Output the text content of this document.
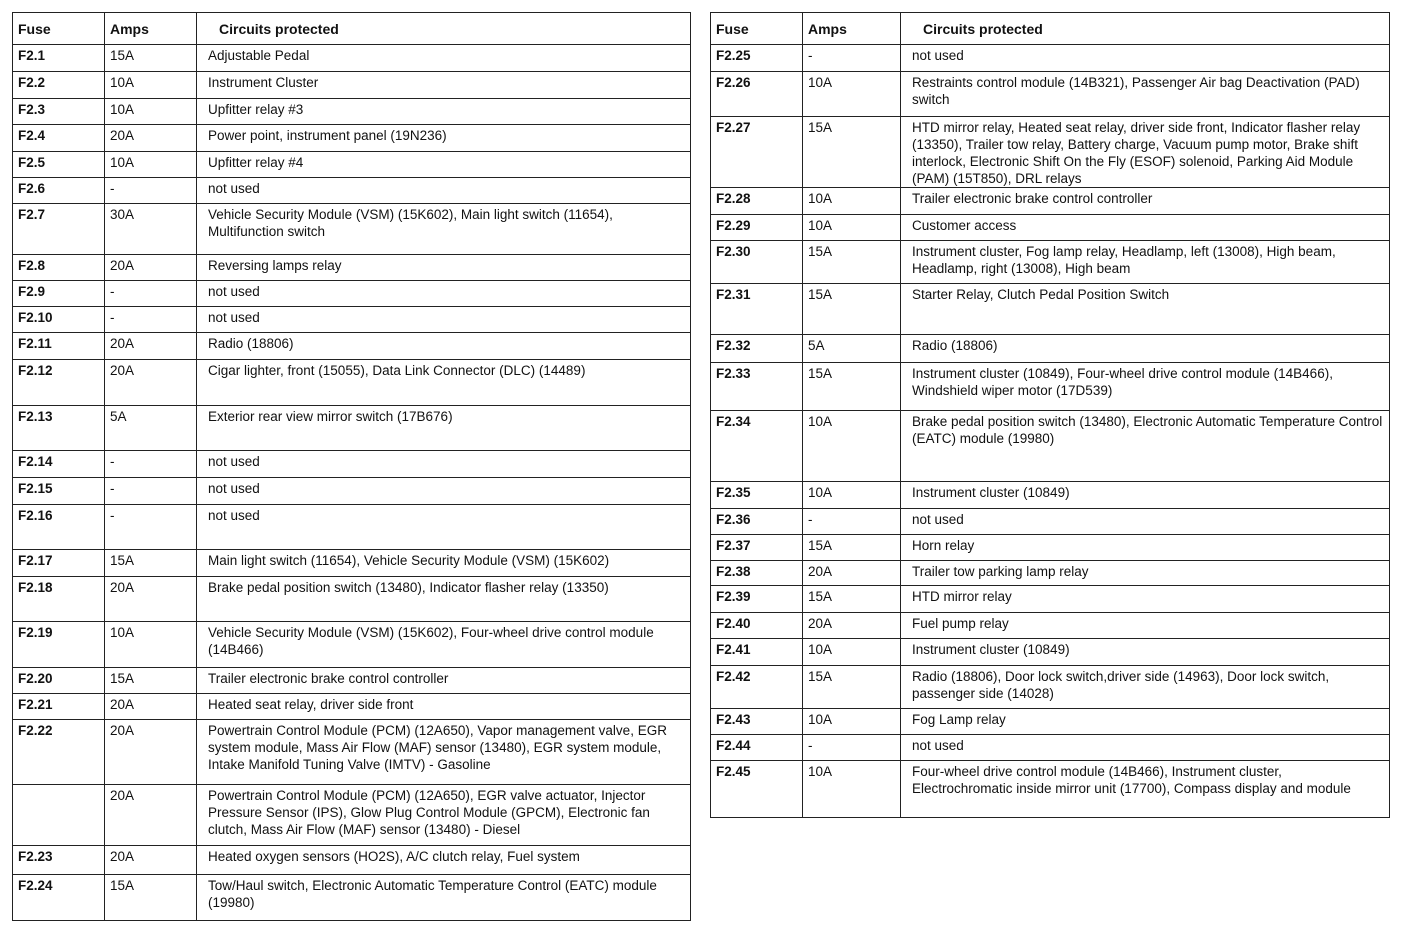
Fuse	Amps	Circuits protected
F2.1	15A	Adjustable Pedal
F2.2	10A	Instrument Cluster
F2.3	10A	Upfitter relay #3
F2.4	20A	Power point, instrument panel (19N236)
F2.5	10A	Upfitter relay #4
F2.6	-	not used
F2.7	30A	Vehicle Security Module (VSM) (15K602), Main light switch (11654), Multifunction switch
F2.8	20A	Reversing lamps relay
F2.9	-	not used
F2.10	-	not used
F2.11	20A	Radio (18806)
F2.12	20A	Cigar lighter, front (15055), Data Link Connector (DLC) (14489)
F2.13	5A	Exterior rear view mirror switch (17B676)
F2.14	-	not used
F2.15	-	not used
F2.16	-	not used
F2.17	15A	Main light switch (11654), Vehicle Security Module (VSM) (15K602)
F2.18	20A	Brake pedal position switch (13480), Indicator flasher relay (13350)
F2.19	10A	Vehicle Security Module (VSM) (15K602), Four-wheel drive control module (14B466)
F2.20	15A	Trailer electronic brake control controller
F2.21	20A	Heated seat relay, driver side front
F2.22	20A	Powertrain Control Module (PCM) (12A650), Vapor management valve, EGR system module, Mass Air Flow (MAF) sensor (13480), EGR system module, Intake Manifold Tuning Valve (IMTV) - Gasoline
	20A	Powertrain Control Module (PCM) (12A650), EGR valve actuator, Injector Pressure Sensor (IPS), Glow Plug Control Module (GPCM), Electronic fan clutch, Mass Air Flow (MAF) sensor (13480) - Diesel
F2.23	20A	Heated oxygen sensors (HO2S), A/C clutch relay, Fuel system
F2.24	15A	Tow/Haul switch, Electronic Automatic Temperature Control (EATC) module (19980)
Fuse	Amps	Circuits protected
F2.25	-	not used
F2.26	10A	Restraints control module (14B321), Passenger Air bag Deactivation (PAD) switch
F2.27	15A	HTD mirror relay, Heated seat relay, driver side front, Indicator flasher relay (13350), Trailer tow relay, Battery charge, Vacuum pump motor, Brake shift interlock, Electronic Shift On the Fly (ESOF) solenoid, Parking Aid Module (PAM) (15T850), DRL relays
F2.28	10A	Trailer electronic brake control controller
F2.29	10A	Customer access
F2.30	15A	Instrument cluster, Fog lamp relay, Headlamp, left (13008), High beam, Headlamp, right (13008), High beam
F2.31	15A	Starter Relay, Clutch Pedal Position Switch
F2.32	5A	Radio (18806)
F2.33	15A	Instrument cluster (10849), Four-wheel drive control module (14B466), Windshield wiper motor (17D539)
F2.34	10A	Brake pedal position switch (13480), Electronic Automatic Temperature Control (EATC) module (19980)
F2.35	10A	Instrument cluster (10849)
F2.36	-	not used
F2.37	15A	Horn relay
F2.38	20A	Trailer tow parking lamp relay
F2.39	15A	HTD mirror relay
F2.40	20A	Fuel pump relay
F2.41	10A	Instrument cluster (10849)
F2.42	15A	Radio (18806), Door lock switch,driver side (14963), Door lock switch, passenger side (14028)
F2.43	10A	Fog Lamp relay
F2.44	-	not used
F2.45	10A	Four-wheel drive control module (14B466), Instrument cluster, Electrochromatic inside mirror unit (17700), Compass display and module
